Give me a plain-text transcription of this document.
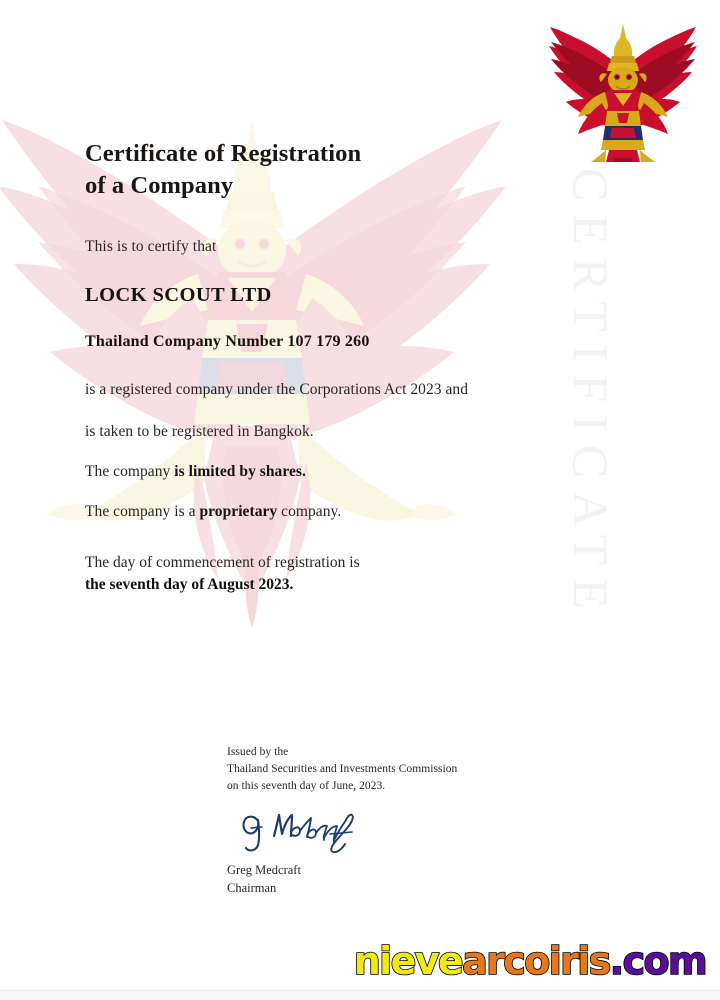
CERTIFICATE
Certificate of Registration
of a Company
This is to certify that
LOCK SCOUT LTD
Thailand Company Number 107 179 260
is a registered company under the Corporations Act 2023 and
is taken to be registered in Bangkok.
The company is limited by shares.
The company is a proprietary company.
The day of commencement of registration is
the seventh day of August 2023.
Issued by the
Thailand Securities and Investments Commission
on this seventh day of June, 2023.
Greg Medcraft
Chairman
nievearcoiris.com
